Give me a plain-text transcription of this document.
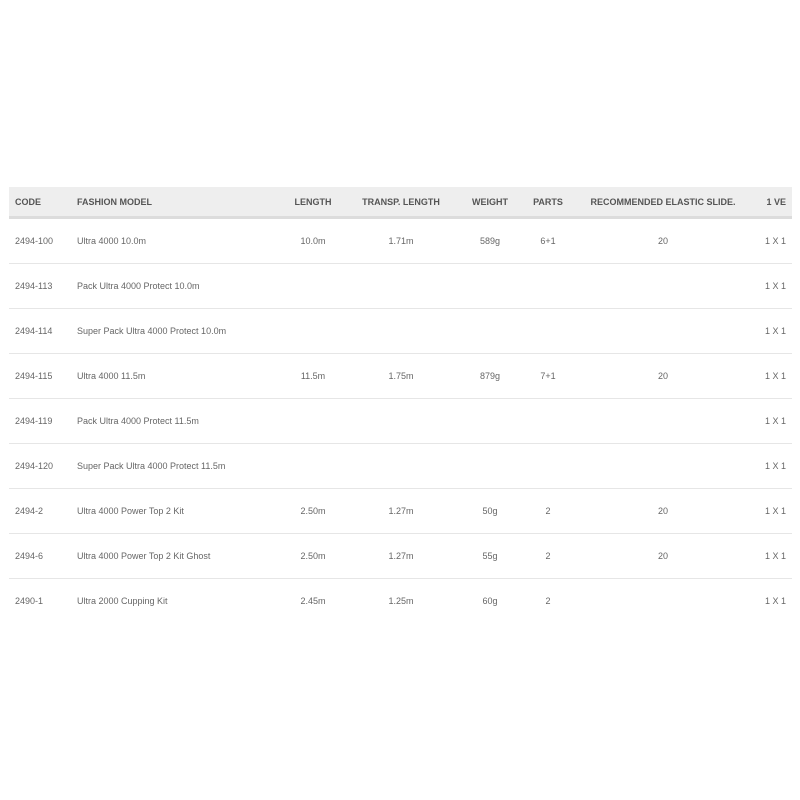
CODE	FASHION MODEL	LENGTH	TRANSP. LENGTH	WEIGHT	PARTS	RECOMMENDED ELASTIC SLIDE.	1 VE
2494-100	Ultra 4000 10.0m	10.0m	1.71m	589g	6+1	20	1 X 1
2494-113	Pack Ultra 4000 Protect 10.0m						1 X 1
2494-114	Super Pack Ultra 4000 Protect 10.0m						1 X 1
2494-115	Ultra 4000 11.5m	11.5m	1.75m	879g	7+1	20	1 X 1
2494-119	Pack Ultra 4000 Protect 11.5m						1 X 1
2494-120	Super Pack Ultra 4000 Protect 11.5m						1 X 1
2494-2	Ultra 4000 Power Top 2 Kit	2.50m	1.27m	50g	2	20	1 X 1
2494-6	Ultra 4000 Power Top 2 Kit Ghost	2.50m	1.27m	55g	2	20	1 X 1
2490-1	Ultra 2000 Cupping Kit	2.45m	1.25m	60g	2		1 X 1
